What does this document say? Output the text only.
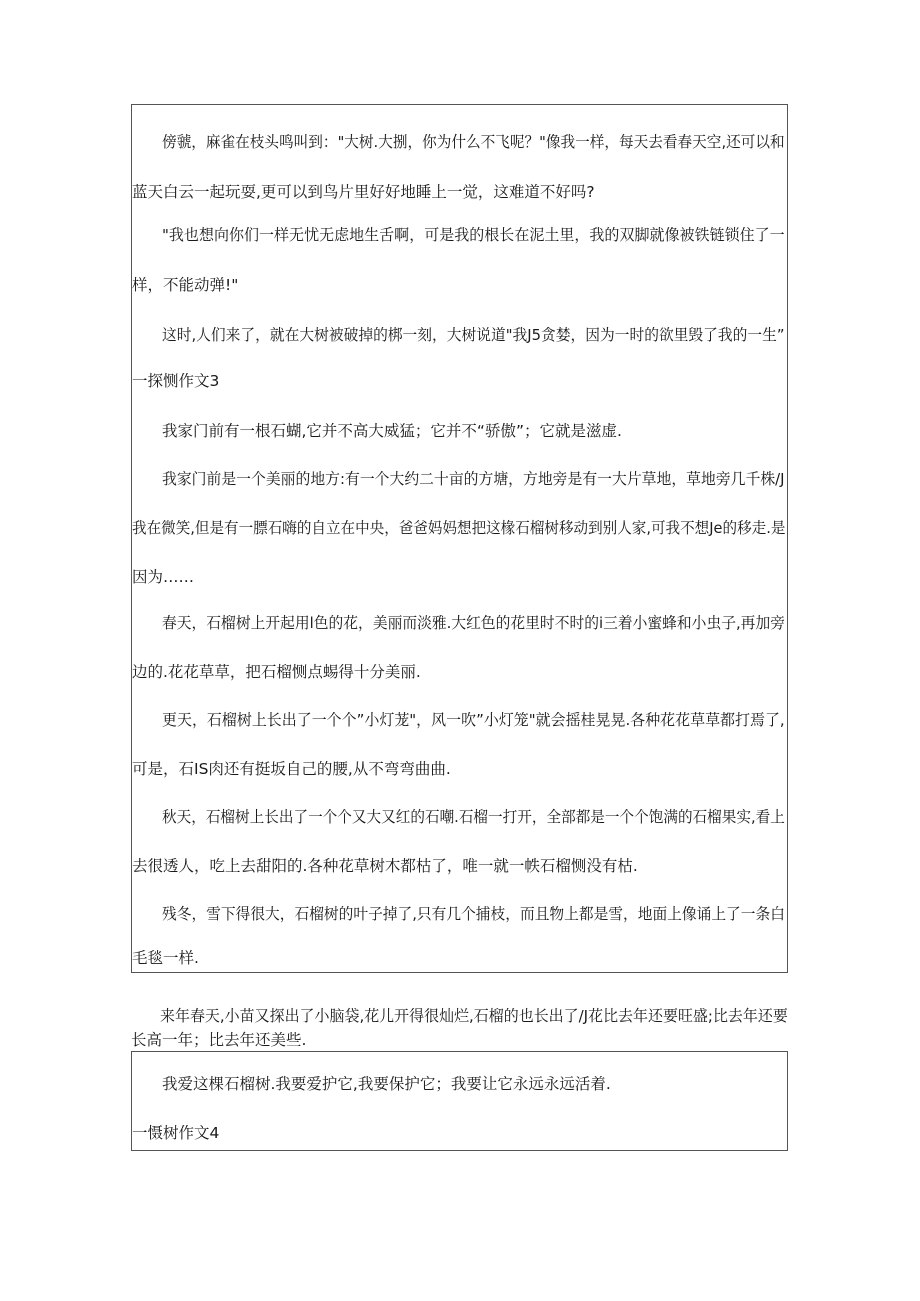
傍虢，麻雀在枝头鸣叫到："大树.大捌，你为什么不飞呢？"像我一样，每天去看春天空,还可以和
蓝天白云一起玩耍,更可以到鸟片里好好地睡上一觉，这难道不好吗?
"我也想向你们一样无忧无虑地生舌啊，可是我的根长在泥土里，我的双脚就像被铁链锁住了一
样，不能动弹!"
这时,人们来了，就在大树被破掉的梆一刻，大树说道"我J5贪婪，因为一时的欲里毁了我的一生”
一探恻作文3
我家门前有一根石蝴,它并不高大威猛；它并不“骄傲”；它就是滋虚.
我家门前是一个美丽的地方:有一个大约二十亩的方塘，方地旁是有一大片草地，草地旁几千株/J
我在微笑,但是有一膘石嗨的自立在中央，爸爸妈妈想把这椽石榴树移动到别人家,可我不想Je的移走.是
因为……
春天，石榴树上开起用l色的花，美丽而淡雅.大红色的花里时不时的i三着小蜜蜂和小虫子,再加旁
边的.花花草草，把石榴恻点蜴得十分美丽.
更天，石榴树上长出了一个个”小灯茏"，风一吹”小灯笼"就会摇桂晃晃.各种花花草草都打焉了,
可是，石IS肉还有挺坂自己的腰,从不弯弯曲曲.
秋天，石榴树上长出了一个个又大又红的石嘲.石榴一打开，全部都是一个个饱满的石榴果实,看上
去很透人，吃上去甜阳的.各种花草树木都枯了，唯一就一帙石榴恻没有枯.
残冬，雪下得很大，石榴树的叶子掉了,只有几个捕枝，而且物上都是雪，地面上像诵上了一条白
毛毯一样.
来年春天,小苗又探出了小脑袋,花儿开得很灿烂,石榴的也长出了/J花比去年还要旺盛;比去年还要
长高一年；比去年还美些.
我爱这棵石榴树.我要爱护它,我要保护它；我要让它永远永远活着.
一慑树作文4
